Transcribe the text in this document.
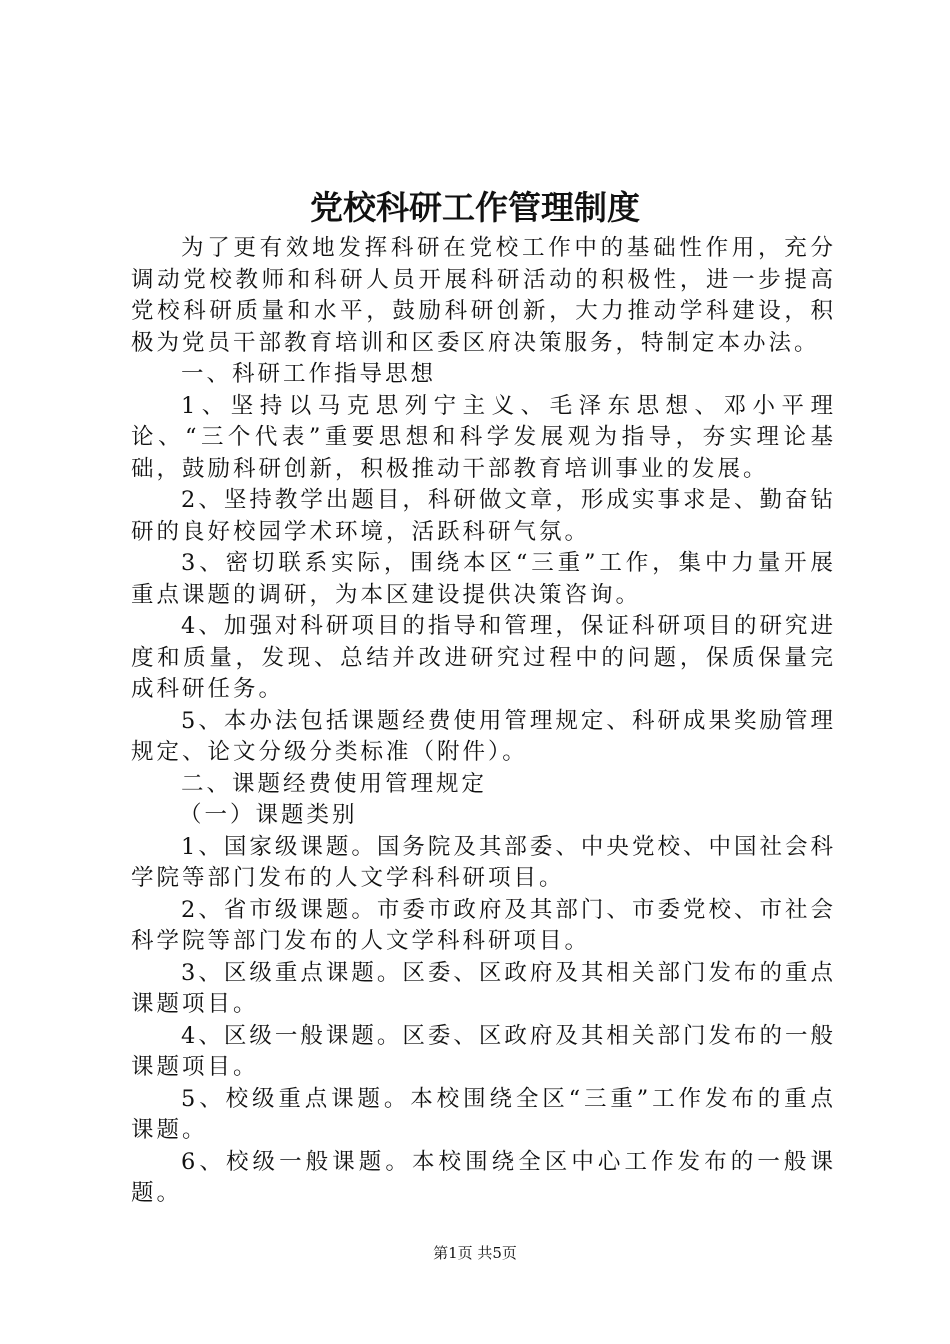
党校科研工作管理制度

为了更有效地发挥科研在党校工作中的基础性作用，充分调动党校教师和科研人员开展科研活动的积极性，进一步提高党校科研质量和水平，鼓励科研创新，大力推动学科建设，积极为党员干部教育培训和区委区府决策服务，特制定本办法。

一、科研工作指导思想

1、坚持以马克思列宁主义、毛泽东思想、邓小平理论、“三个代表”重要思想和科学发展观为指导，夯实理论基础，鼓励科研创新，积极推动干部教育培训事业的发展。

2、坚持教学出题目，科研做文章，形成实事求是、勤奋钻研的良好校园学术环境，活跃科研气氛。

3、密切联系实际，围绕本区“三重”工作，集中力量开展重点课题的调研，为本区建设提供决策咨询。

4、加强对科研项目的指导和管理，保证科研项目的研究进度和质量，发现、总结并改进研究过程中的问题，保质保量完成科研任务。

5、本办法包括课题经费使用管理规定、科研成果奖励管理规定、论文分级分类标准（附件）。

二、课题经费使用管理规定

（一）课题类别

1、国家级课题。国务院及其部委、中央党校、中国社会科学院等部门发布的人文学科科研项目。

2、省市级课题。市委市政府及其部门、市委党校、市社会科学院等部门发布的人文学科科研项目。

3、区级重点课题。区委、区政府及其相关部门发布的重点课题项目。

4、区级一般课题。区委、区政府及其相关部门发布的一般课题项目。

5、校级重点课题。本校围绕全区“三重”工作发布的重点课题。

6、校级一般课题。本校围绕全区中心工作发布的一般课题。

第1页 共5页
